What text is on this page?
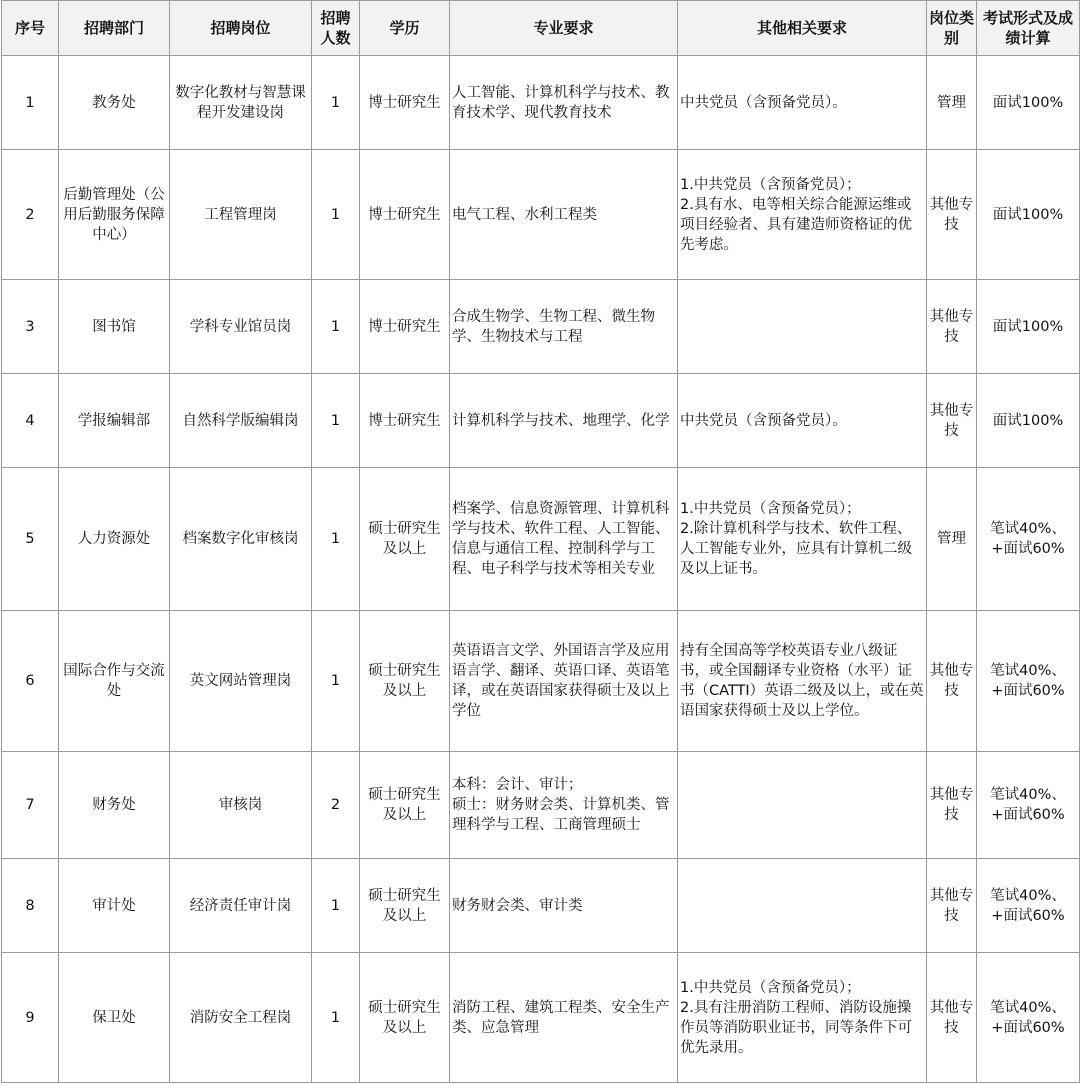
序号	招聘部门	招聘岗位	招聘人数	学历	专业要求	其他相关要求	岗位类别	考试形式及成绩计算
1	教务处	数字化教材与智慧课程开发建设岗	1	博士研究生	人工智能、计算机科学与技术、教育技术学、现代教育技术	中共党员（含预备党员）。	管理	面试100%
2	后勤管理处（公用后勤服务保障中心）	工程管理岗	1	博士研究生	电气工程、水利工程类	1.中共党员（含预备党员）；
2.具有水、电等相关综合能源运维或项目经验者、具有建造师资格证的优先考虑。	其他专技	面试100%
3	图书馆	学科专业馆员岗	1	博士研究生	合成生物学、生物工程、微生物学、生物技术与工程		其他专技	面试100%
4	学报编辑部	自然科学版编辑岗	1	博士研究生	计算机科学与技术、地理学、化学	中共党员（含预备党员）。	其他专技	面试100%
5	人力资源处	档案数字化审核岗	1	硕士研究生及以上	档案学、信息资源管理、计算机科学与技术、软件工程、人工智能、信息与通信工程、控制科学与工程、电子科学与技术等相关专业	1.中共党员（含预备党员）；
2.除计算机科学与技术、软件工程、人工智能专业外，应具有计算机二级及以上证书。	管理	笔试40%、+面试60%
6	国际合作与交流处	英文网站管理岗	1	硕士研究生及以上	英语语言文学、外国语言学及应用语言学、翻译、英语口译、英语笔译，或在英语国家获得硕士及以上学位	持有全国高等学校英语专业八级证书，或全国翻译专业资格（水平）证书（CATTI）英语二级及以上，或在英语国家获得硕士及以上学位。	其他专技	笔试40%、+面试60%
7	财务处	审核岗	2	硕士研究生及以上	本科：会计、审计；
硕士：财务财会类、计算机类、管理科学与工程、工商管理硕士		其他专技	笔试40%、+面试60%
8	审计处	经济责任审计岗	1	硕士研究生及以上	财务财会类、审计类		其他专技	笔试40%、+面试60%
9	保卫处	消防安全工程岗	1	硕士研究生及以上	消防工程、建筑工程类、安全生产类、应急管理	1.中共党员（含预备党员）；
2.具有注册消防工程师、消防设施操作员等消防职业证书，同等条件下可优先录用。	其他专技	笔试40%、+面试60%
